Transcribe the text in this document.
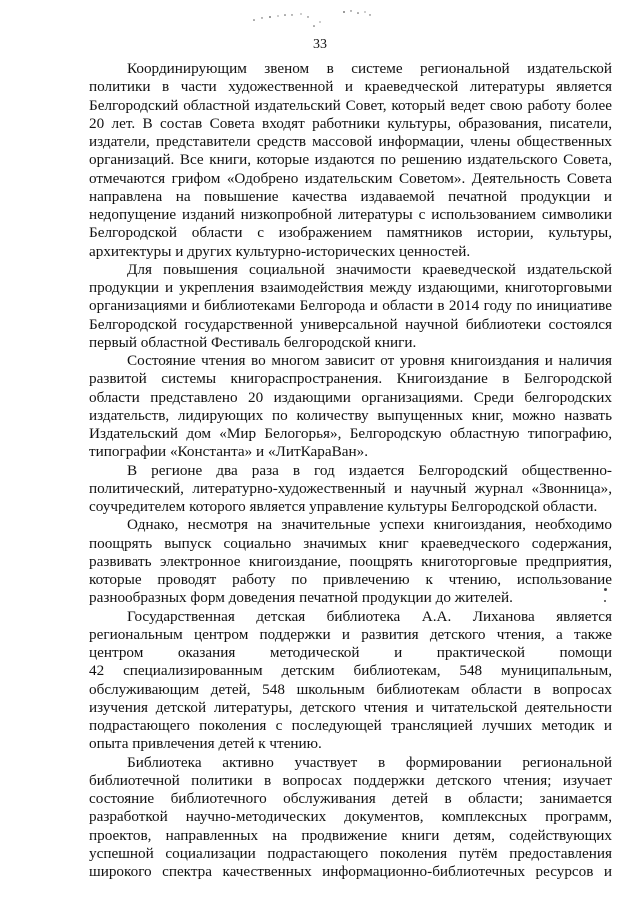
33
Координирующим звеном в системе региональной издательской
политики в части художественной и краеведческой литературы является
Белгородский областной издательский Совет, который ведет свою работу более
20 лет. В состав Совета входят работники культуры, образования, писатели,
издатели, представители средств массовой информации, члены общественных
организаций. Все книги, которые издаются по решению издательского Совета,
отмечаются грифом «Одобрено издательским Советом». Деятельность Совета
направлена на повышение качества издаваемой печатной продукции и
недопущение изданий низкопробной литературы с использованием символики
Белгородской области с изображением памятников истории, культуры,
архитектуры и других культурно-исторических ценностей.
Для повышения социальной значимости краеведческой издательской
продукции и укрепления взаимодействия между издающими, книготорговыми
организациями и библиотеками Белгорода и области в 2014 году по инициативе
Белгородской государственной универсальной научной библиотеки состоялся
первый областной Фестиваль белгородской книги.
Состояние чтения во многом зависит от уровня книгоиздания и наличия
развитой системы книгораспространения. Книгоиздание в Белгородской
области представлено 20 издающими организациями. Среди белгородских
издательств, лидирующих по количеству выпущенных книг, можно назвать
Издательский дом «Мир Белогорья», Белгородскую областную типографию,
типографии «Константа» и «ЛитКараВан».
В регионе два раза в год издается Белгородский общественно-
политический, литературно-художественный и научный журнал «Звонница»,
соучредителем которого является управление культуры Белгородской области.
Однако, несмотря на значительные успехи книгоиздания, необходимо
поощрять выпуск социально значимых книг краеведческого содержания,
развивать электронное книгоиздание, поощрять книготорговые предприятия,
которые проводят работу по привлечению к чтению, использование
разнообразных форм доведения печатной продукции до жителей.
Государственная детская библиотека А.А. Лиханова является
региональным центром поддержки и развития детского чтения, а также
центром оказания методической и практической помощи
42 специализированным детским библиотекам, 548 муниципальным,
обслуживающим детей, 548 школьным библиотекам области в вопросах
изучения детской литературы, детского чтения и читательской деятельности
подрастающего поколения с последующей трансляцией лучших методик и
опыта привлечения детей к чтению.
Библиотека активно участвует в формировании региональной
библиотечной политики в вопросах поддержки детского чтения; изучает
состояние библиотечного обслуживания детей в области; занимается
разработкой научно-методических документов, комплексных программ,
проектов, направленных на продвижение книги детям, содействующих
успешной социализации подрастающего поколения путём предоставления
широкого спектра качественных информационно-библиотечных ресурсов и
